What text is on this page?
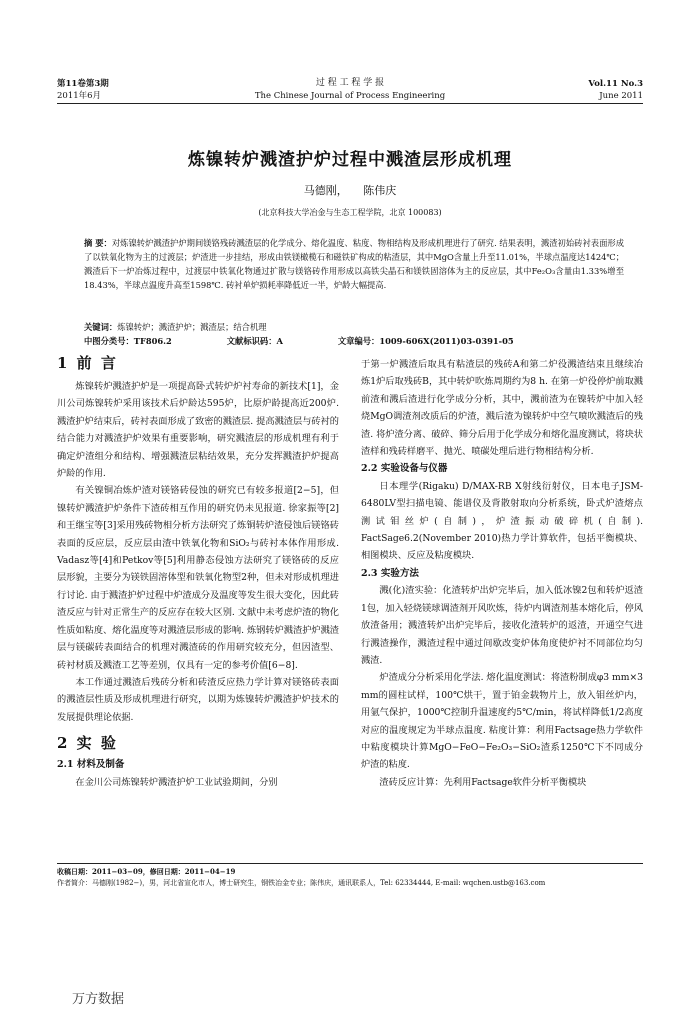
第11卷第3期
2011年6月
过 程 工 程 学 报
The Chinese Journal of Process Engineering
Vol.11 No.3
June 2011
炼镍转炉溅渣护炉过程中溅渣层形成机理
马德刚， 陈伟庆
(北京科技大学冶金与生态工程学院，北京 100083)
摘 要：对炼镍转炉溅渣护炉期间镁铬残砖溅渣层的化学成分、熔化温度、粘度、物相结构及形成机理进行了研究. 结果表明，溅渣初始砖衬表面形成了以铁氧化物为主的过渡层；炉渣进一步挂结，形成由铁镁橄榄石和磁铁矿构成的粘渣层，其中MgO含量上升至11.01%，半球点温度达1424℃；溅渣后下一炉冶炼过程中，过渡层中铁氧化物通过扩散与镁铬砖作用形成以高铁尖晶石和镁铁固溶体为主的反应层，其中Fe₂O₃含量由1.33%增至18.43%，半球点温度升高至1598℃. 砖衬单炉损耗率降低近一半，炉龄大幅提高.
关键词：炼镍转炉；溅渣护炉；溅渣层；结合机理
中图分类号：TF806.2	文献标识码：A	文章编号：1009-606X(2011)03-0391-05
1 前 言

炼镍转炉溅渣护炉是一项提高卧式转炉炉衬寿命的新技术[1]，金川公司炼镍转炉采用该技术后炉龄达595炉，比原炉龄提高近200炉. 溅渣护炉结束后，砖衬表面形成了致密的溅渣层. 提高溅渣层与砖衬的结合能力对溅渣护炉效果有重要影响，研究溅渣层的形成机理有利于确定炉渣组分和结构、增强溅渣层粘结效果，充分发挥溅渣护炉提高炉龄的作用.

有关镍铜冶炼炉渣对镁铬砖侵蚀的研究已有较多报道[2−5]，但镍转炉溅渣护炉条件下渣砖相互作用的研究仍未见报道. 徐家振等[2]和王继宝等[3]采用残砖物相分析方法研究了炼铜转炉渣侵蚀后镁铬砖表面的反应层，反应层由渣中铁氧化物和SiO₂与砖衬本体作用形成. Vadasz等[4]和Petkov等[5]利用静态侵蚀方法研究了镁铬砖的反应层形貌，主要分为镁铁固溶体型和铁氧化物型2种，但未对形成机理进行讨论. 由于溅渣护炉过程中炉渣成分及温度等发生很大变化，因此砖渣反应与针对正常生产的反应存在较大区别. 文献中未考虑炉渣的物化性质如粘度、熔化温度等对溅渣层形成的影响. 炼钢转炉溅渣护炉溅渣层与镁碳砖表面结合的机理对溅渣砖的作用研究较充分，但因渣型、砖衬材质及溅渣工艺等差别，仅具有一定的参考价值[6−8].

本工作通过溅渣后残砖分析和砖渣反应热力学计算对镁铬砖表面的溅渣层性质及形成机理进行研究，以期为炼镍转炉溅渣护炉技术的发展提供理论依据.

2 实 验
2.1 材料及制备

在金川公司炼镍转炉溅渣护炉工业试验期间，分别

于第一炉溅渣后取具有粘渣层的残砖A和第二炉役溅渣结束且继续冶炼1炉后取残砖B，其中转炉吹炼周期约为8 h. 在第一炉役停炉前取溅前渣和溅后渣进行化学成分分析，其中，溅前渣为在镍转炉中加入轻烧MgO调渣剂改质后的炉渣，溅后渣为镍转炉中空气喷吹溅渣后的残渣. 将炉渣分离、破碎、筛分后用于化学成分和熔化温度测试，将块状渣样和残砖样磨平、抛光、喷碳处理后进行物相结构分析.

2.2 实验设备与仪器

日本理学(Rigaku) D/MAX-RB X射线衍射仪，日本电子JSM-6480LV型扫描电镜、能谱仪及背散射取向分析系统，卧式炉渣熔点测试钼丝炉(自制)，炉渣振动破碎机(自制). FactSage6.2(November 2010)热力学计算软件，包括平衡模块、相图模块、反应及粘度模块.

2.3 实验方法

溅(化)渣实验：化渣转炉出炉完毕后，加入低冰镍2包和转炉返渣1包，加入轻烧镁球调渣剂开风吹炼，待炉内调渣剂基本熔化后，停风放渣备用；溅渣转炉出炉完毕后，接收化渣转炉的返渣，开通空气进行溅渣操作，溅渣过程中通过间歇改变炉体角度使炉衬不同部位均匀溅渣.

炉渣成分分析采用化学法. 熔化温度测试：将渣粉制成φ3 mm×3 mm的圆柱试样，100℃烘干，置于铂金载物片上，放入钼丝炉内，用氩气保护，1000℃控制升温速度约5℃/min，将试样降低1/2高度对应的温度规定为半球点温度. 粘度计算：利用Factsage热力学软件中粘度模块计算MgO−FeO−Fe₂O₃−SiO₂渣系1250℃下不同成分炉渣的粘度.

渣砖反应计算：先利用Factsage软件分析平衡模块

收稿日期：2011−03−09，修回日期：2011−04−19
作者简介：马德刚(1982−)，男，河北省宣化市人，博士研究生，钢铁冶金专业；陈伟庆，通讯联系人，Tel: 62334444, E-mail: wqchen.ustb@163.com
万方数据
